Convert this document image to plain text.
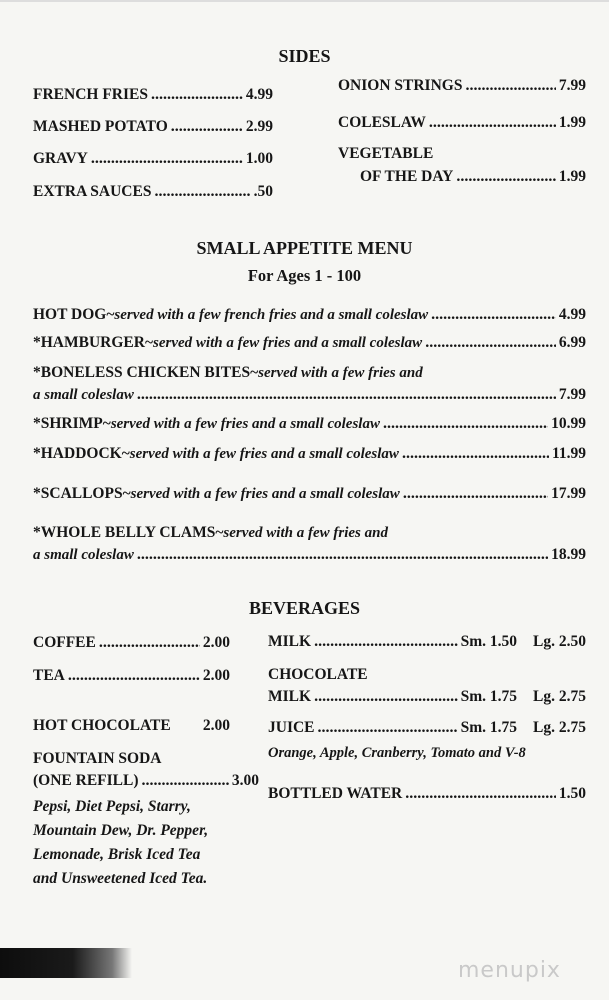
SIDES
FRENCH FRIES .....	4.99
MASHED POTATO .....	2.99
GRAVY .....	1.00
EXTRA SAUCES .....	.50
ONION STRINGS .....	7.99
COLESLAW .....	1.99
VEGETABLE
OF THE DAY .....	1.99
SMALL APPETITE MENU
For Ages 1 - 100
HOT DOG ~ served with a few french fries and a small coleslaw .....	4.99
*HAMBURGER ~ served with a few fries and a small coleslaw .....	6.99
*BONELESS CHICKEN BITES ~ served with a few fries and
a small coleslaw .....	7.99
*SHRIMP ~ served with a few fries and a small coleslaw .....	10.99
*HADDOCK ~ served with a few fries and a small coleslaw .....	11.99
*SCALLOPS ~ served with a few fries and a small coleslaw .....	17.99
*WHOLE BELLY CLAMS ~ served with a few fries and
a small coleslaw .....	18.99
BEVERAGES
COFFEE .....	2.00
TEA .....	2.00
HOT CHOCOLATE 2.00
FOUNTAIN SODA
(ONE REFILL) .....	3.00
Pepsi, Diet Pepsi, Starry,
Mountain Dew, Dr. Pepper,
Lemonade, Brisk Iced Tea
and Unsweetened Iced Tea.
MILK .....	Sm. 1.50 Lg. 2.50
CHOCOLATE
MILK .....	Sm. 1.75 Lg. 2.75
JUICE .....	Sm. 1.75 Lg. 2.75
Orange, Apple, Cranberry, Tomato and V-8
BOTTLED WATER .....	1.50
menupix
